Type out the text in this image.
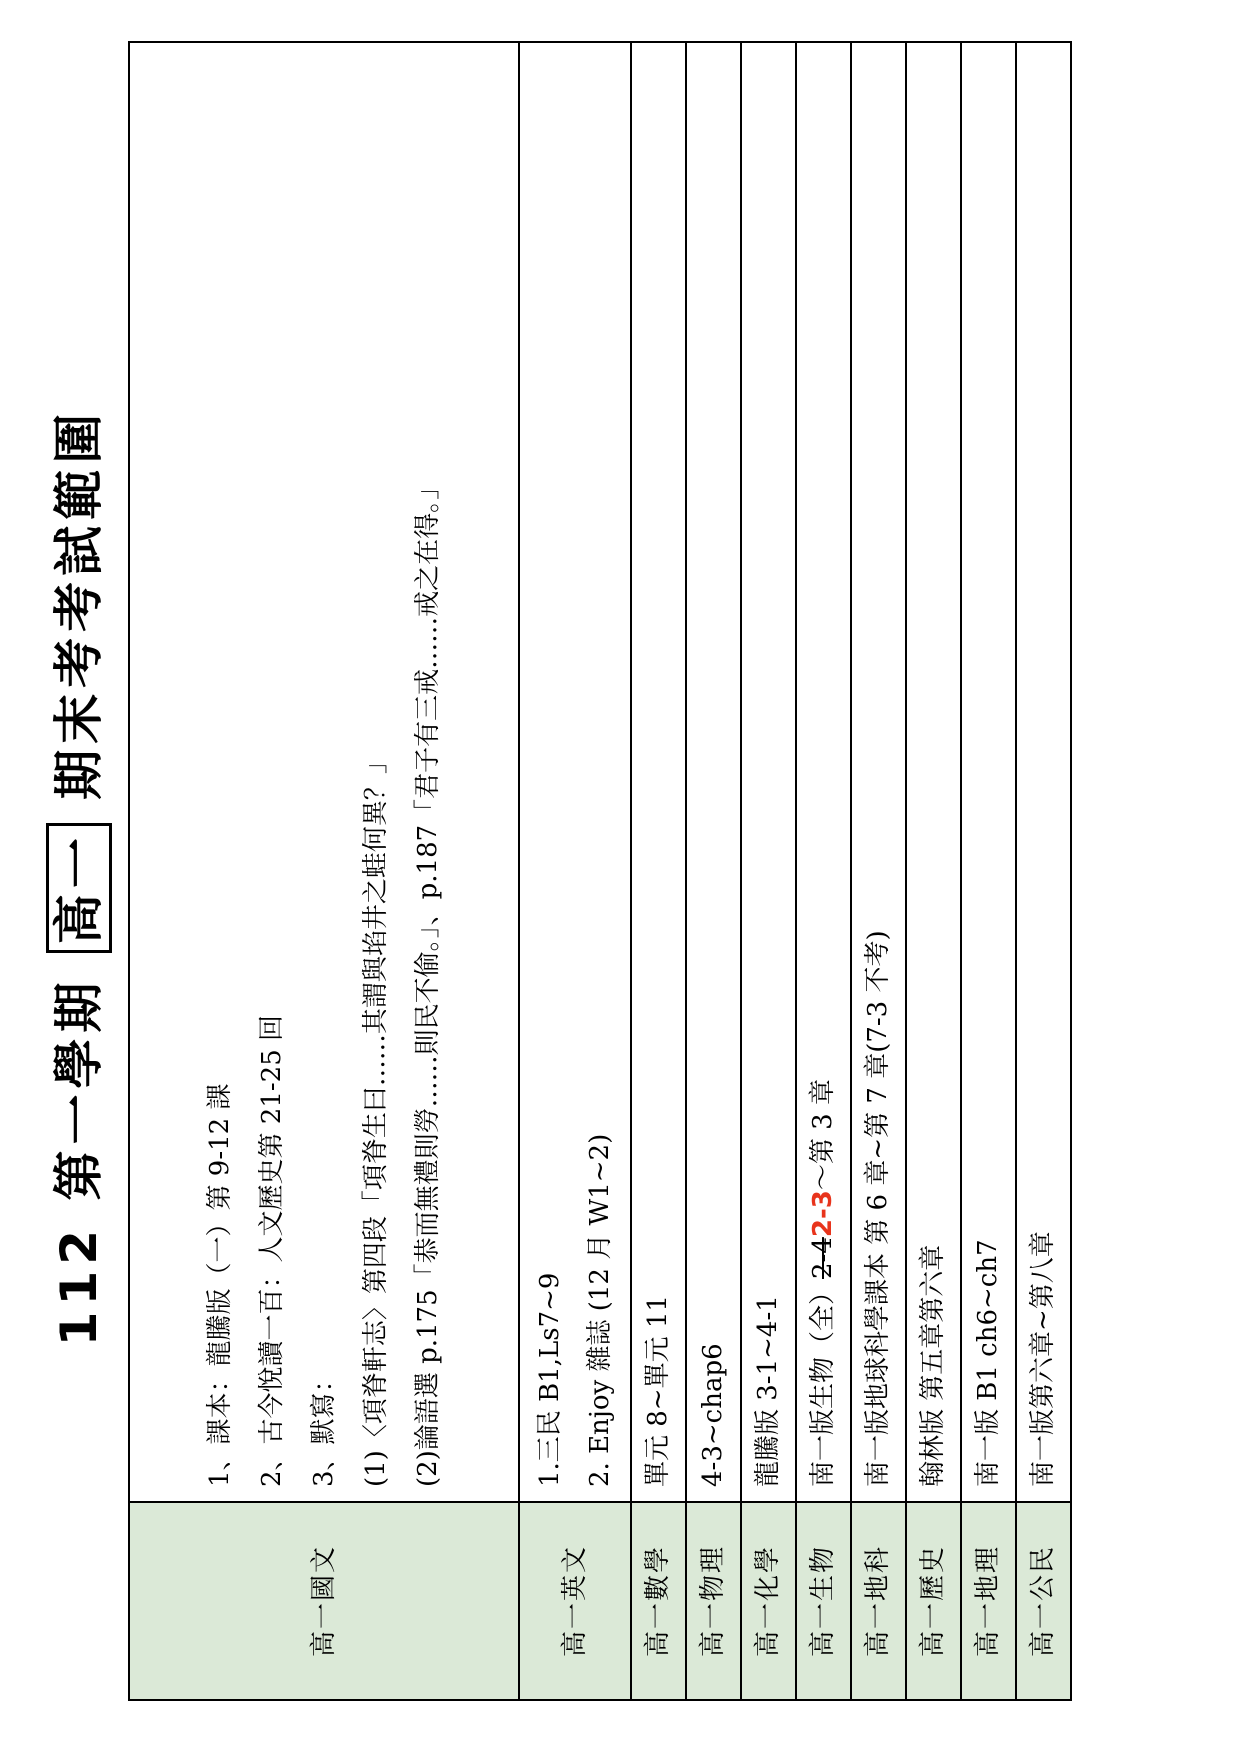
112 第一學期 高一 期末考考試範圍
高一國文	1、課本：龍騰版（一）第 9-12 課 2、古今悅讀一百：人文歷史第 21-25 回 3、默寫： (1)〈項脊軒志〉第四段「項脊生曰……其謂與埳井之蛙何異？」 (2)論語選 p.175「恭而無禮則勞……則民不偷。」、p.187「君子有三戒……戒之在得。」

高一英文	1.三民 B1,Ls7~9 2. Enjoy 雜誌 (12 月 W1~2)

高一數學	單元 8~單元 11
高一物理	4-3~chap6
高一化學	龍騰版 3-1~4-1
高一生物	南一版生物（全）2-42-3～第 3 章
高一地科	南一版地球科學課本 第 6 章~第 7 章(7-3 不考)
高一歷史	翰林版 第五章第六章
高一地理	南一版 B1 ch6~ch7
高一公民	南一版第六章~第八章
